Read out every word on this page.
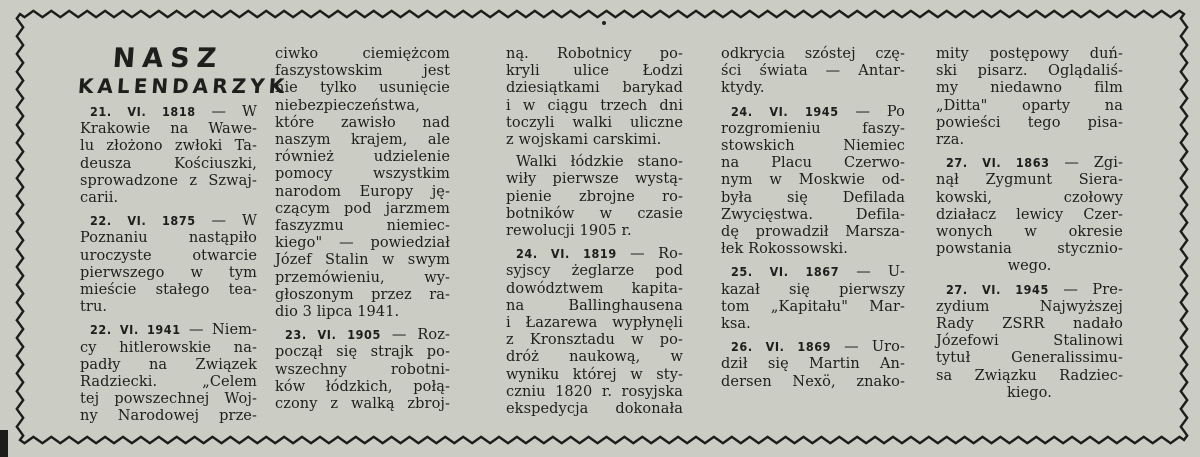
NASZ
KALENDARZYK
21. VI. 1818 — W
Krakowie na Wawe-
lu złożono zwłoki Ta-
deusza Kościuszki,
sprowadzone z Szwaj-
carii.
22. VI. 1875 — W
Poznaniu nastąpiło
uroczyste otwarcie
pierwszego w tym
mieście stałego tea-
tru.
22. VI. 1941 — Niem-
cy hitlerowskie na-
padły na Związek
Radziecki. „Celem
tej powszechnej Woj-
ny Narodowej prze-
ciwko ciemiężcom
faszystowskim jest
nie tylko usunięcie
niebezpieczeństwa,
które zawisło nad
naszym krajem, ale
również udzielenie
pomocy wszystkim
narodom Europy ję-
czącym pod jarzmem
faszyzmu niemiec-
kiego" — powiedział
Józef Stalin w swym
przemówieniu, wy-
głoszonym przez ra-
dio 3 lipca 1941.
23. VI. 1905 — Roz-
począł się strajk po-
wszechny robotni-
ków łódzkich, połą-
czony z walką zbroj-
ną. Robotnicy po-
kryli ulice Łodzi
dziesiątkami barykad
i w ciągu trzech dni
toczyli walki uliczne
z wojskami carskimi.
Walki łódzkie stano-
wiły pierwsze wystą-
pienie zbrojne ro-
botników w czasie
rewolucji 1905 r.
24. VI. 1819 — Ro-
syjscy żeglarze pod
dowództwem kapita-
na Ballinghausena
i Łazarewa wypłynęli
z Kronsztadu w po-
dróż naukową, w
wyniku której w sty-
czniu 1820 r. rosyjska
ekspedycja dokonała
odkrycia szóstej czę-
ści świata — Antar-
ktydy.
24. VI. 1945 — Po
rozgromieniu faszy-
stowskich Niemiec
na Placu Czerwo-
nym w Moskwie od-
była się Defilada
Zwycięstwa. Defila-
dę prowadził Marsza-
łek Rokossowski.
25. VI. 1867 — U-
kazał się pierwszy
tom „Kapitału" Mar-
ksa.
26. VI. 1869 — Uro-
dził się Martin An-
dersen Nexö, znako-
mity postępowy duń-
ski pisarz. Oglądaliś-
my niedawno film
„Ditta" oparty na
powieści tego pisa-
rza.
27. VI. 1863 — Zgi-
nął Zygmunt Siera-
kowski, czołowy
działacz lewicy Czer-
wonych w okresie
powstania stycznio-
wego.
27. VI. 1945 — Pre-
zydium Najwyższej
Rady ZSRR nadało
Józefowi Stalinowi
tytuł Generalissimu-
sa Związku Radziec-
kiego.
